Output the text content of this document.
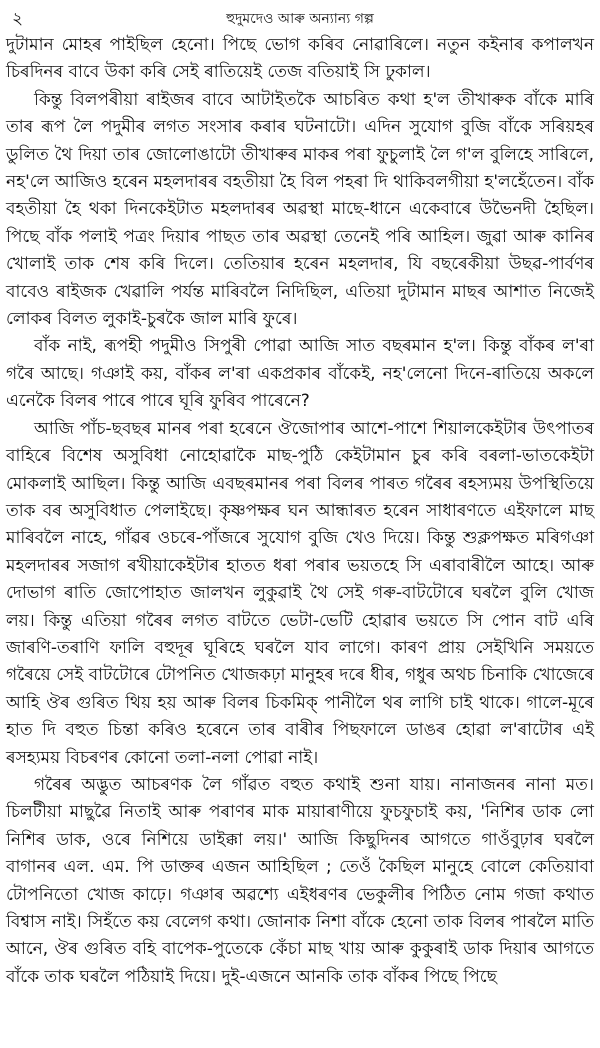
২	হুদুমদেও আৰু অন্যান্য গল্প

দুটামান মোহৰ পাইছিল হেনো। পিছে ভোগ কৰিব নোৱাৰিলে। নতুন কইনাৰ কপালখন চিৰদিনৰ বাবে উকা কৰি সেই ৰাতিয়েই তেজ বতিয়াই সি ঢুকাল।

কিন্তু বিলপৰীয়া ৰাইজৰ বাবে আটাইতকৈ আচৰিত কথা হ'ল তীখাৰুক বাঁকে মাৰি তাৰ ৰূপ লৈ পদুমীৰ লগত সংসাৰ কৰাৰ ঘটনাটো। এদিন সুযোগ বুজি বাঁকে সৰিয়হৰ ডুলিত থৈ দিয়া তাৰ জোলোঙাটো তীখাৰুৰ মাকৰ পৰা ফুচুলাই লৈ গ'ল বুলিহে সাৰিলে, নহ'লে আজিও হৰেন মহলদাৰৰ বহতীয়া হৈ বিল পহৰা দি থাকিবলগীয়া হ'লহেঁতেন। বাঁক বহতীয়া হৈ থকা দিনকেইটাত মহলদাৰৰ অৱস্থা মাছে-ধানে একেবাৰে উভৈনদী হৈছিল। পিছে বাঁক পলাই পত্ৰং দিয়াৰ পাছত তাৰ অৱস্থা তেনেই পৰি আহিল। জুৱা আৰু কানিৰ খোলাই তাক শেষ কৰি দিলে। তেতিয়াৰ হৰেন মহলদাৰ, যি বছৰেকীয়া উছৱ-পাৰ্বণৰ বাবেও ৰাইজক খেৱালি পৰ্যন্ত মাৰিবলৈ নিদিছিল, এতিয়া দুটামান মাছৰ আশাত নিজেই লোকৰ বিলত লুকাই-চুৰকৈ জাল মাৰি ফুৰে।

বাঁক নাই, ৰূপহী পদুমীও সিপুৰী পোৱা আজি সাত বছৰমান হ'ল। কিন্তু বাঁকৰ ল'ৰা গৰৈ আছে। গঞাই কয়, বাঁকৰ ল'ৰা একপ্ৰকাৰ বাঁকেই, নহ'লেনো দিনে-ৰাতিয়ে অকলে এনেকৈ বিলৰ পাৰে পাৰে ঘূৰি ফুৰিব পাৰেনে?

আজি পাঁচ-ছবছৰ মানৰ পৰা হৰেনে ঔজোপাৰ আশে-পাশে শিয়ালকেইটাৰ উৎপাতৰ বাহিৰে বিশেষ অসুবিধা নোহোৱাকৈ মাছ-পুঠি কেইটামান চুৰ কৰি বৰলা-ভাতকেইটা মোকলাই আছিল। কিন্তু আজি এবছৰমানৰ পৰা বিলৰ পাৰত গৰৈৰ ৰহস্যময় উপস্থিতিয়ে তাক বৰ অসুবিধাত পেলাইছে। কৃষ্ণপক্ষৰ ঘন আন্ধাৰত হৰেন সাধাৰণতে এইফালে মাছ মাৰিবলৈ নাহে, গাঁৱৰ ওচৰে-পাঁজৰে সুযোগ বুজি খেও দিয়ে। কিন্তু শুক্লপক্ষত মৰিগঞা মহলদাৰৰ সজাগ ৰখীয়াকেইটাৰ হাতত ধৰা পৰাৰ ভয়তহে সি এৰাবাৰীলৈ আহে। আৰু দোভাগ ৰাতি জোপোহাত জালখন লুকুৱাই থৈ সেই গৰু-বাটটোৰে ঘৰলৈ বুলি খোজ লয়। কিন্তু এতিয়া গৰৈৰ লগত বাটতে ভেটা-ভেটি হোৱাৰ ভয়তে সি পোন বাট এৰি জাৰণি-তৰাণি ফালি বহুদূৰ ঘূৰিহে ঘৰলৈ যাব লাগে। কাৰণ প্ৰায় সেইখিনি সময়তে গৰৈয়ে সেই বাটটোৰে টোপনিত খোজকঢ়া মানুহৰ দৰে ধীৰ, গধুৰ অথচ চিনাকি খোজেৰে আহি ঔৰ গুৰিত থিয় হয় আৰু বিলৰ চিকমিক্ পানীলৈ থৰ লাগি চাই থাকে। গালে-মূৰে হাত দি বহুত চিন্তা কৰিও হৰেনে তাৰ বাৰীৰ পিছফালে ডাঙৰ হোৱা ল'ৰাটোৰ এই ৰসহ্যময় বিচৰণৰ কোনো তলা-নলা পোৱা নাই।

গৰৈৰ অদ্ভুত আচৰণক লৈ গাঁৱত বহুত কথাই শুনা যায়। নানাজনৰ নানা মত। চিলটীয়া মাছুৱৈ নিতাই আৰু পৰাণৰ মাক মায়াৰাণীয়ে ফুচফুচাই কয়, 'নিশিৰ ডাক লো নিশিৰ ডাক, ওৰে নিশিয়ে ডাইক্কা লয়।' আজি কিছুদিনৰ আগতে গাওঁবুঢ়াৰ ঘৰলৈ বাগানৰ এল. এম. পি ডাক্তৰ এজন আহিছিল ; তেওঁ কৈছিল মানুহে বোলে কেতিয়াবা টোপনিতো খোজ কাঢ়ে। গঞাৰ অৱশ্যে এইধৰণৰ ভেকুলীৰ পিঠিত নোম গজা কথাত বিশ্বাস নাই। সিহঁতে কয় বেলেগ কথা। জোনাক নিশা বাঁকে হেনো তাক বিলৰ পাৰলৈ মাতি আনে, ঔৰ গুৰিত বহি বাপেক-পুতেকে কেঁচা মাছ খায় আৰু কুকুৰাই ডাক দিয়াৰ আগতে বাঁকে তাক ঘৰলৈ পঠিয়াই দিয়ে। দুই-এজনে আনকি তাক বাঁকৰ পিছে পিছে
